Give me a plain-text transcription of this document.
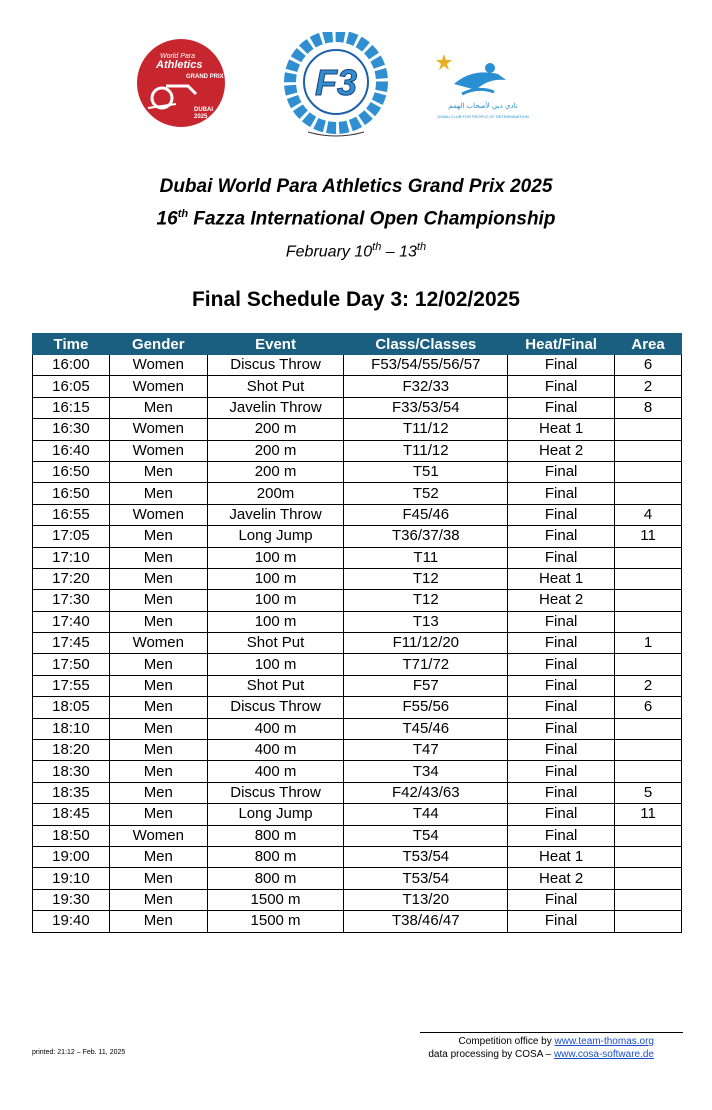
World Para
Athletics
GRAND PRIX
DUBAI
2025
F3
نادي دبي لأصحاب الهمم
DUBAI CLUB FOR PEOPLE OF DETERMINATION
Dubai World Para Athletics Grand Prix 2025
16th Fazza International Open Championship
February 10th – 13th
Final Schedule Day 3: 12/02/2025
Time	Gender	Event	Class/Classes	Heat/Final	Area
16:00	Women	Discus Throw	F53/54/55/56/57	Final	6
16:05	Women	Shot Put	F32/33	Final	2
16:15	Men	Javelin Throw	F33/53/54	Final	8
16:30	Women	200 m	T11/12	Heat 1	
16:40	Women	200 m	T11/12	Heat 2	
16:50	Men	200 m	T51	Final	
16:50	Men	200m	T52	Final	
16:55	Women	Javelin Throw	F45/46	Final	4
17:05	Men	Long Jump	T36/37/38	Final	11
17:10	Men	100 m	T11	Final	
17:20	Men	100 m	T12	Heat 1	
17:30	Men	100 m	T12	Heat 2	
17:40	Men	100 m	T13	Final	
17:45	Women	Shot Put	F11/12/20	Final	1
17:50	Men	100 m	T71/72	Final	
17:55	Men	Shot Put	F57	Final	2
18:05	Men	Discus Throw	F55/56	Final	6
18:10	Men	400 m	T45/46	Final	
18:20	Men	400 m	T47	Final	
18:30	Men	400 m	T34	Final	
18:35	Men	Discus Throw	F42/43/63	Final	5
18:45	Men	Long Jump	T44	Final	11
18:50	Women	800 m	T54	Final	
19:00	Men	800 m	T53/54	Heat 1	
19:10	Men	800 m	T53/54	Heat 2	
19:30	Men	1500 m	T13/20	Final	
19:40	Men	1500 m	T38/46/47	Final	
printed: 21:12 – Feb. 11, 2025
Competition office by www.team-thomas.org
data processing by COSA – www.cosa-software.de
